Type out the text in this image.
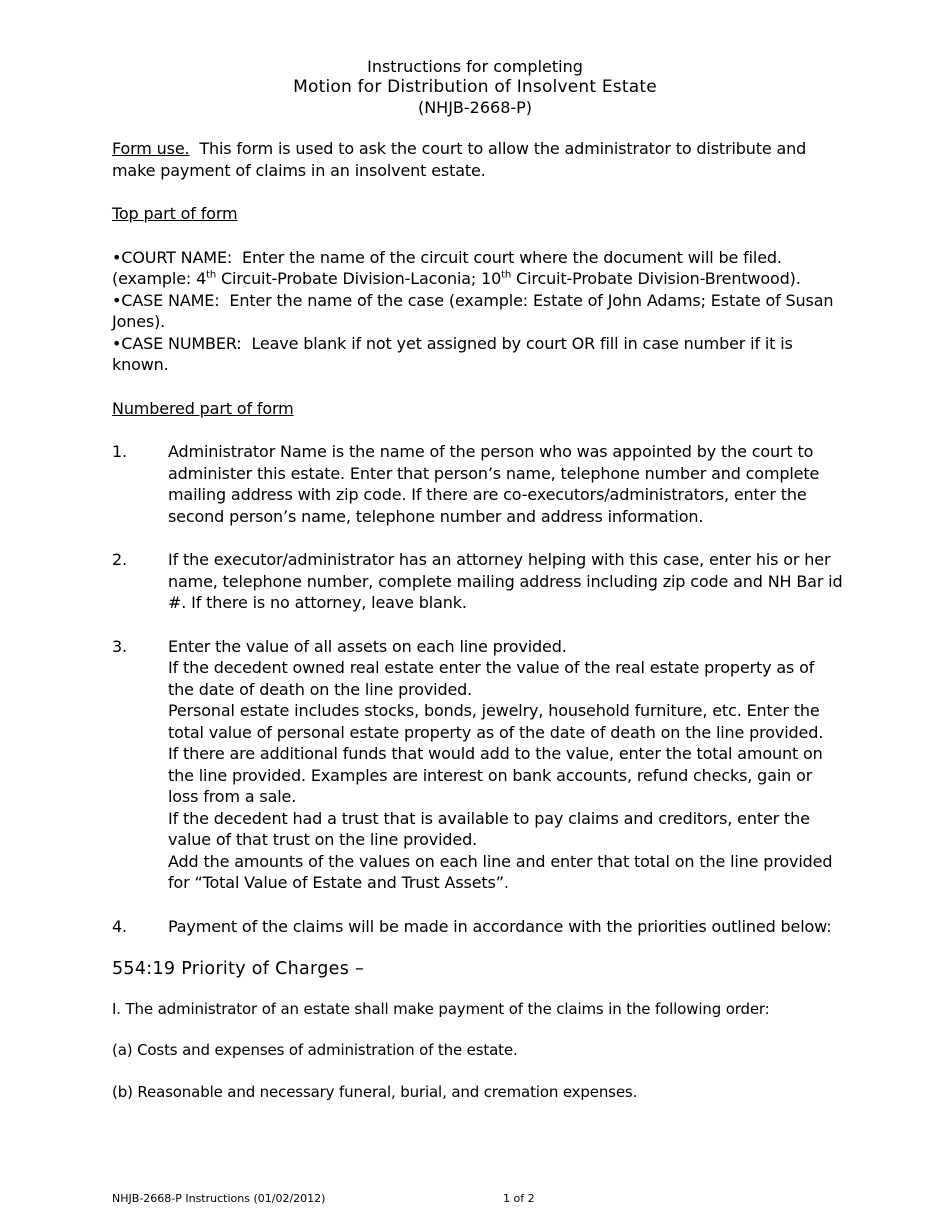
Instructions for completing
Motion for Distribution of Insolvent Estate
(NHJB-2668-P)

Form use. This form is used to ask the court to allow the administrator to distribute and make payment of claims in an insolvent estate.

Top part of form

•COURT NAME: Enter the name of the circuit court where the document will be filed. (example: 4th Circuit-Probate Division-Laconia; 10th Circuit-Probate Division-Brentwood).

•CASE NAME: Enter the name of the case (example: Estate of John Adams; Estate of Susan Jones).

•CASE NUMBER: Leave blank if not yet assigned by court OR fill in case number if it is known.

Numbered part of form

1.	Administrator Name is the name of the person who was appointed by the court to administer this estate. Enter that person’s name, telephone number and complete mailing address with zip code. If there are co-executors/administrators, enter the second person’s name, telephone number and address information.
2.	If the executor/administrator has an attorney helping with this case, enter his or her name, telephone number, complete mailing address including zip code and NH Bar id #. If there is no attorney, leave blank.
3.	Enter the value of all assets on each line provided.

If the decedent owned real estate enter the value of the real estate property as of the date of death on the line provided.

Personal estate includes stocks, bonds, jewelry, household furniture, etc. Enter the total value of personal estate property as of the date of death on the line provided.

If there are additional funds that would add to the value, enter the total amount on the line provided. Examples are interest on bank accounts, refund checks, gain or loss from a sale.

If the decedent had a trust that is available to pay claims and creditors, enter the value of that trust on the line provided.

Add the amounts of the values on each line and enter that total on the line provided for “Total Value of Estate and Trust Assets”.

4.	Payment of the claims will be made in accordance with the priorities outlined below:

554:19 Priority of Charges –

I. The administrator of an estate shall make payment of the claims in the following order:

(a) Costs and expenses of administration of the estate.

(b) Reasonable and necessary funeral, burial, and cremation expenses.

NHJB-2668-P Instructions (01/02/2012)	1 of 2
